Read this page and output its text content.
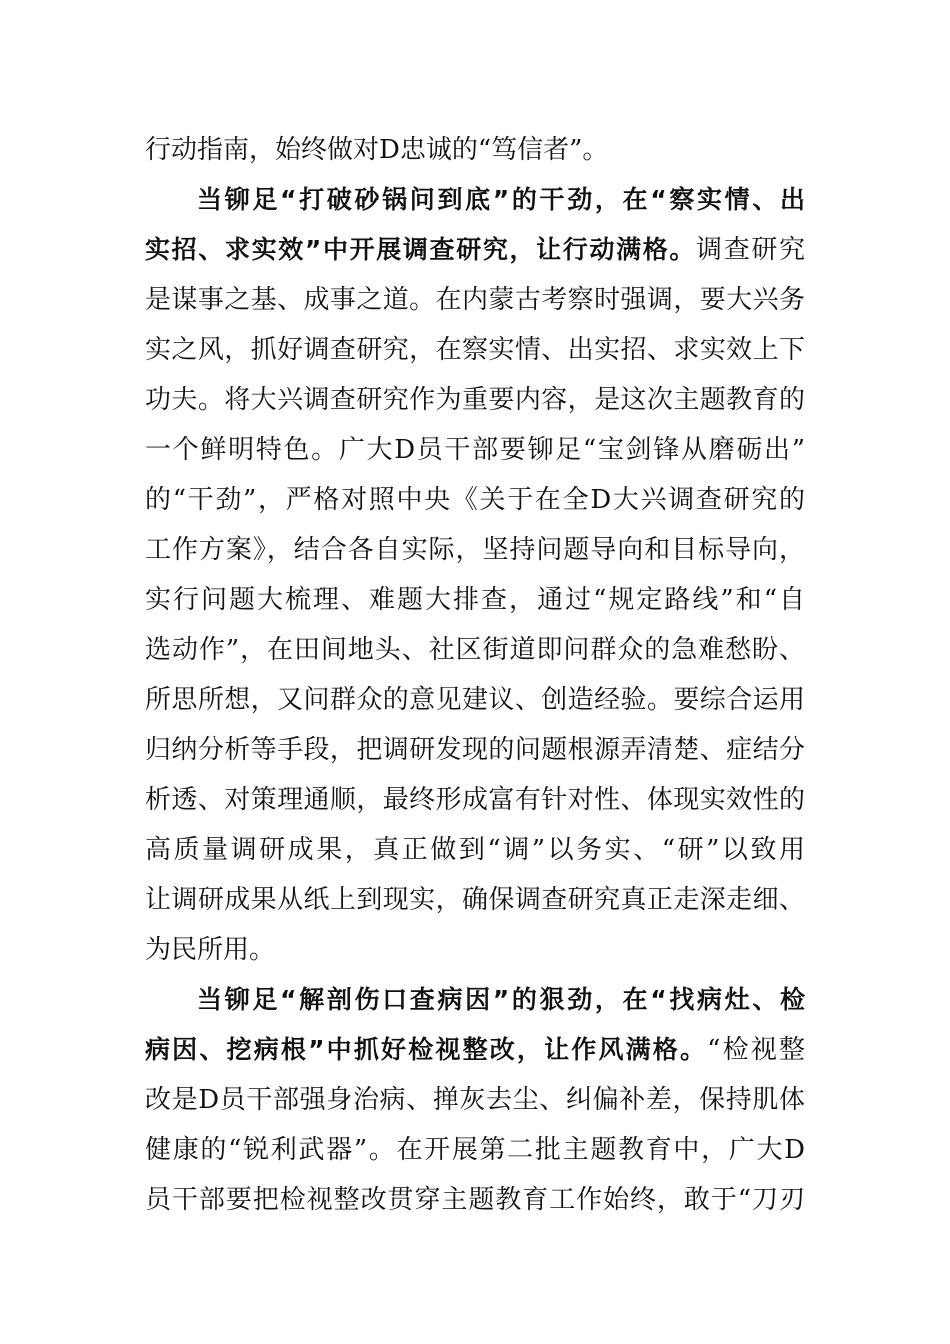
行动指南，始终做对D忠诚的“笃信者”。
当铆足“打破砂锅问到底”的干劲，在“察实情、出
实招、求实效”中开展调查研究，让行动满格。调查研究
是谋事之基、成事之道。在内蒙古考察时强调，要大兴务
实之风，抓好调查研究，在察实情、出实招、求实效上下
功夫。将大兴调查研究作为重要内容，是这次主题教育的
一个鲜明特色。广大D员干部要铆足“宝剑锋从磨砺出”
的“干劲”，严格对照中央《关于在全D大兴调查研究的
工作方案》，结合各自实际，坚持问题导向和目标导向，
实行问题大梳理、难题大排查，通过“规定路线”和“自
选动作”，在田间地头、社区街道即问群众的急难愁盼、
所思所想，又问群众的意见建议、创造经验。要综合运用
归纳分析等手段，把调研发现的问题根源弄清楚、症结分
析透、对策理通顺，最终形成富有针对性、体现实效性的
高质量调研成果，真正做到“调”以务实、“研”以致用
让调研成果从纸上到现实，确保调查研究真正走深走细、
为民所用。
当铆足“解剖伤口查病因”的狠劲，在“找病灶、检
病因、挖病根”中抓好检视整改，让作风满格。“检视整
改是D员干部强身治病、掸灰去尘、纠偏补差，保持肌体
健康的“锐利武器”。在开展第二批主题教育中，广大D
员干部要把检视整改贯穿主题教育工作始终，敢于“刀刃
